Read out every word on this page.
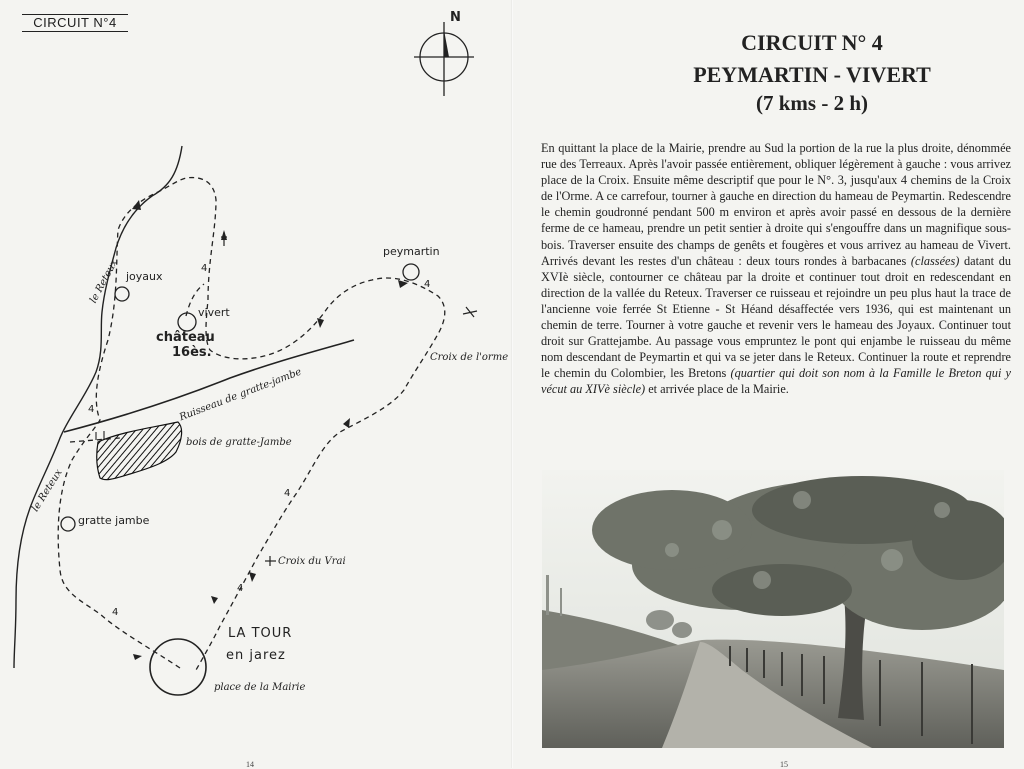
CIRCUIT N°4
joyaux
vivert
château
16ès.
peymartin
gratte jambe
LA TOUR
en jarez
place de la Mairie
Croix de l'orme
Croix du Vrai
bois de gratte-Jambe
le Reteux
le Reteux
Ruisseau de gratte-jambe
4
4
4
4
4
4
N
14
CIRCUIT N° 4
PEYMARTIN - VIVERT
(7 kms - 2 h)

En quittant la place de la Mairie, prendre au Sud la portion de la rue la plus droite, dénommée rue des Terreaux. Après l'avoir passée entièrement, obliquer légèrement à gauche : vous arrivez place de la Croix. Ensuite même descriptif que pour le N°. 3, jusqu'aux 4 chemins de la Croix de l'Orme. A ce carrefour, tourner à gauche en direction du hameau de Peymartin. Redescendre le chemin goudronné pendant 500 m environ et après avoir passé en dessous de la dernière ferme de ce hameau, prendre un petit sentier à droite qui s'engouffre dans un magnifique sous-bois. Traverser ensuite des champs de genêts et fougères et vous arrivez au hameau de Vivert. Arrivés devant les restes d'un château : deux tours rondes à barbacanes (classées) datant du XVIè siècle, contourner ce château par la droite et continuer tout droit en redescendant en direction de la vallée du Reteux. Traverser ce ruisseau et rejoindre un peu plus haut la trace de l'ancienne voie ferrée St Etienne - St Héand désaffectée vers 1936, qui est maintenant un chemin de terre. Tourner à votre gauche et revenir vers le hameau des Joyaux. Continuer tout droit sur Grattejambe. Au passage vous empruntez le pont qui enjambe le ruisseau du même nom descendant de Peymartin et qui va se jeter dans le Reteux. Continuer la route et reprendre le chemin du Colombier, les Bretons (quartier qui doit son nom à la Famille le Breton qui y vécut au XIVè siècle) et arrivée place de la Mairie.

15
